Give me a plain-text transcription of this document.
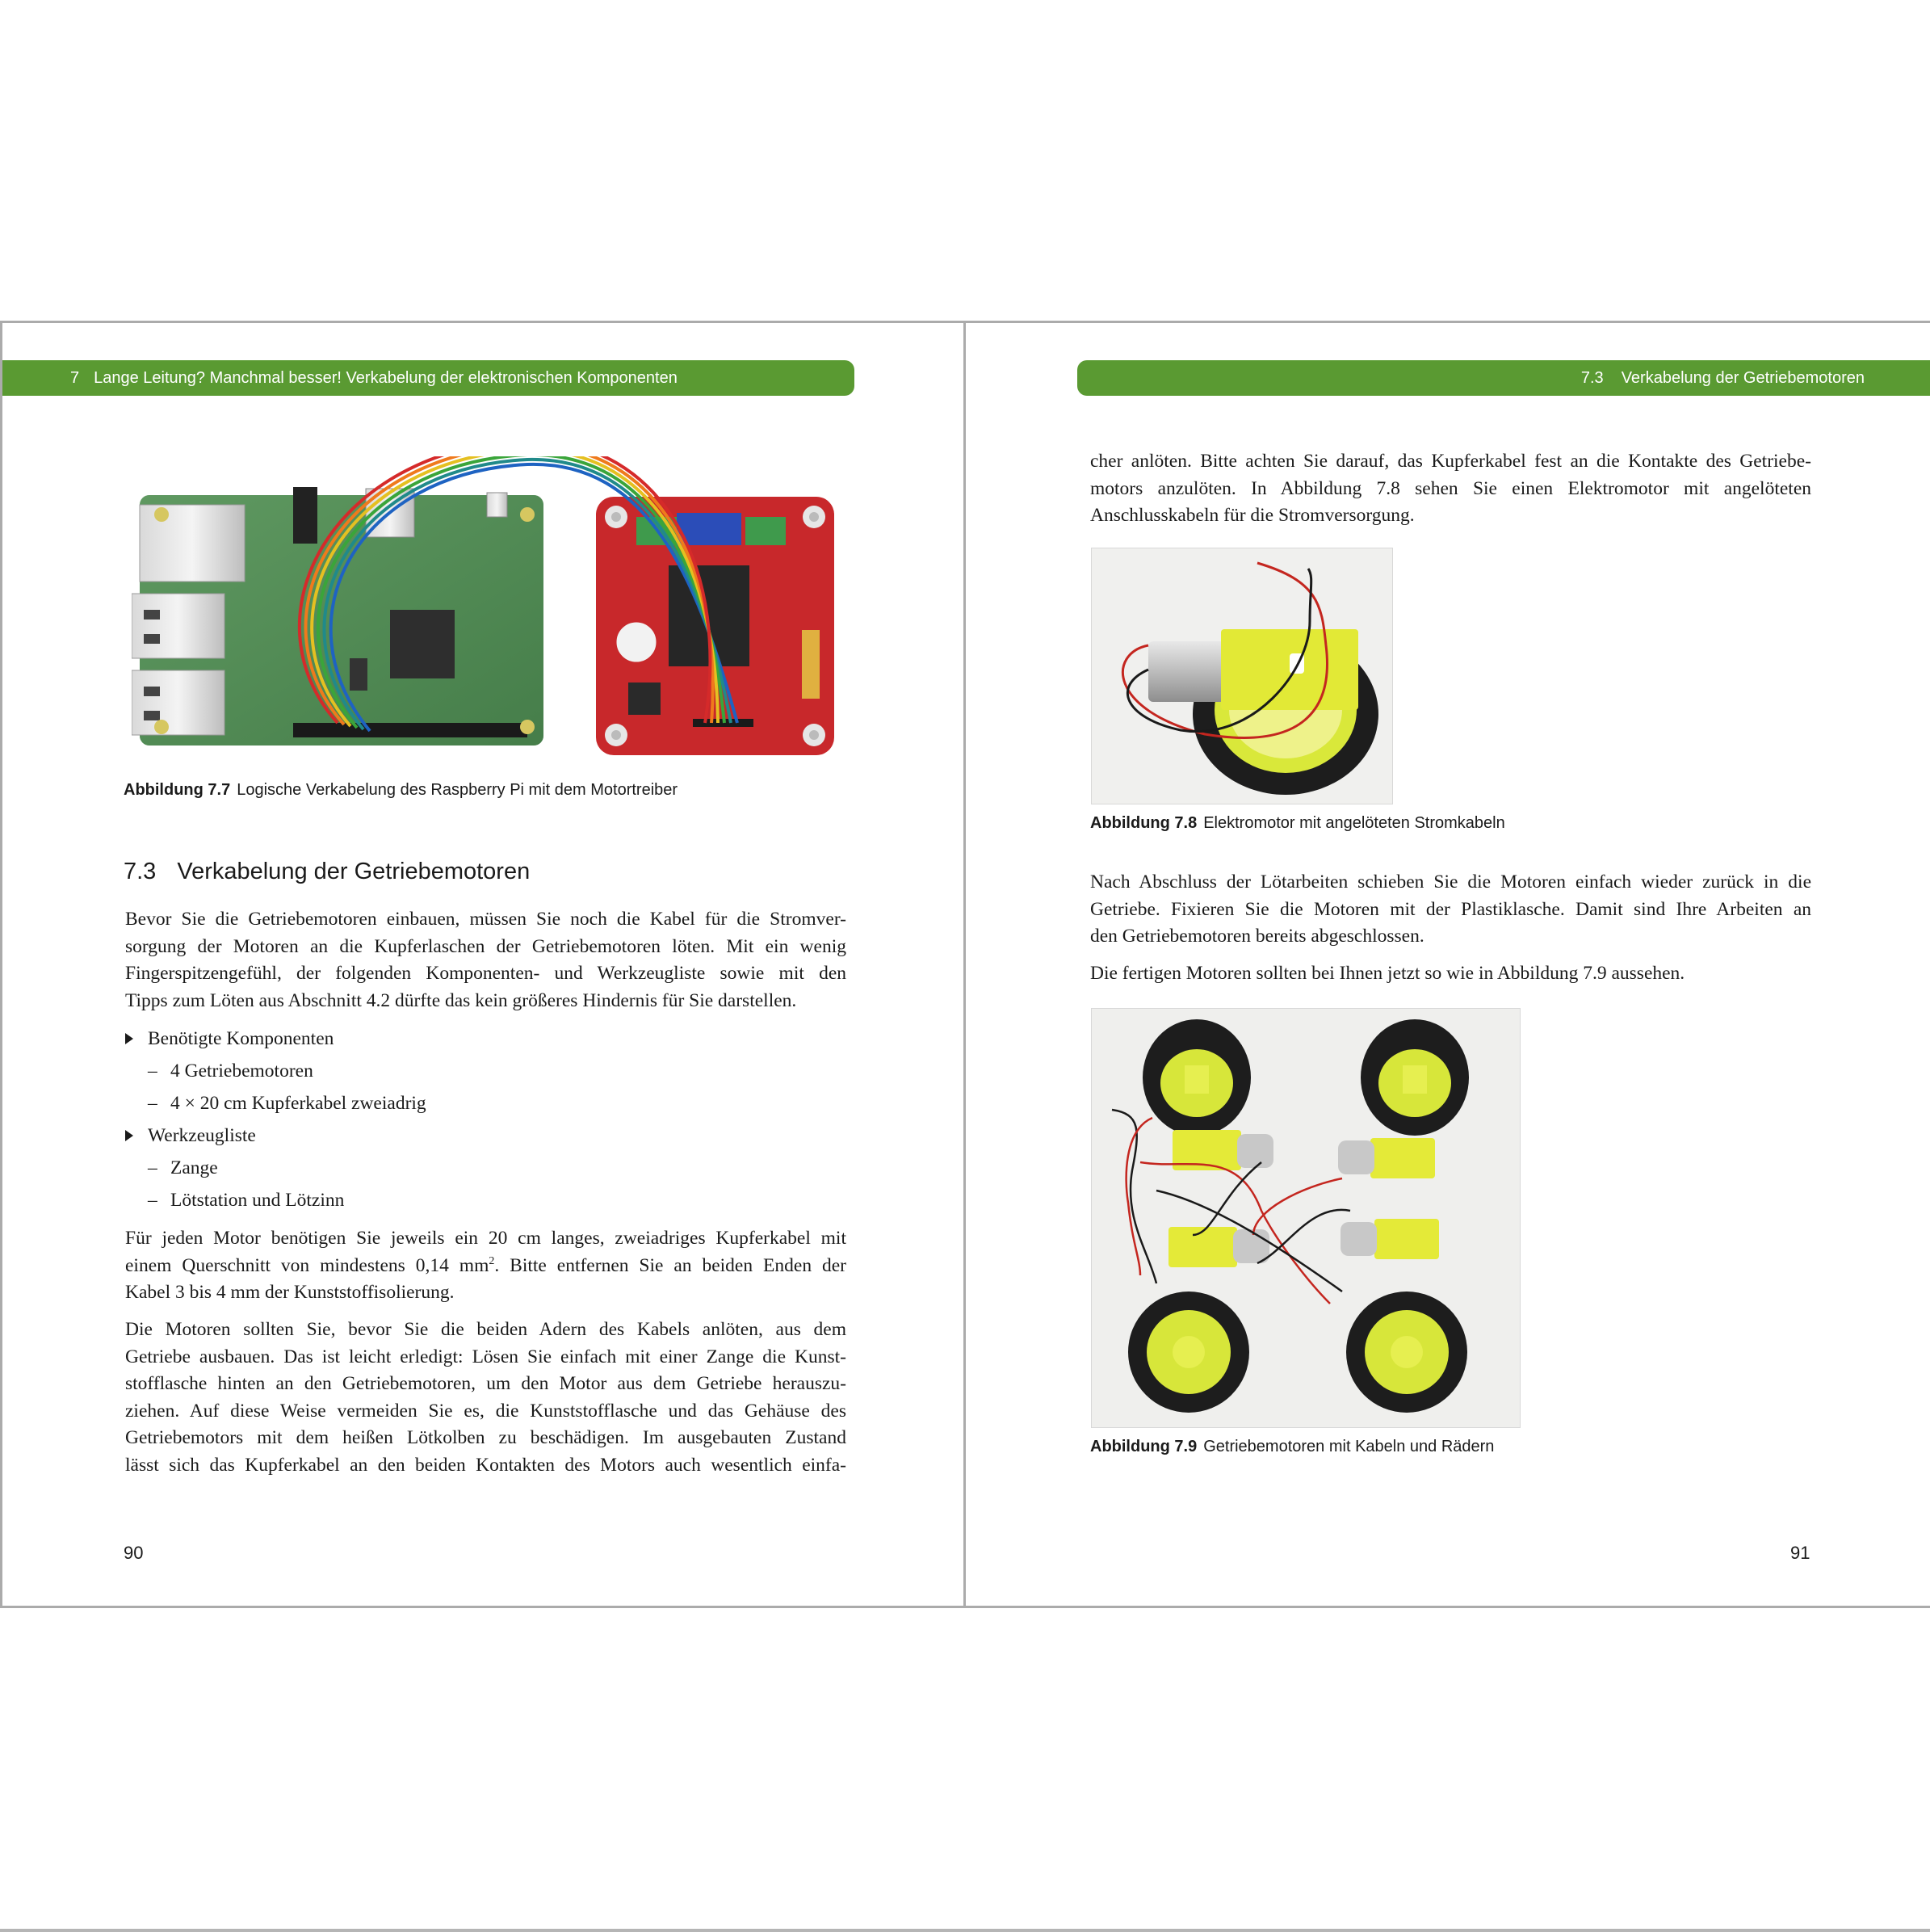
7 Lange Leitung? Manchmal besser! Verkabelung der elektronischen Komponenten
Abbildung 7.7 Logische Verkabelung des Raspberry Pi mit dem Motortreiber
7.3 Verkabelung der Getriebemotoren
Bevor Sie die Getriebemotoren einbauen, müssen Sie noch die Kabel für die Stromver-
sorgung der Motoren an die Kupferlaschen der Getriebemotoren löten. Mit ein wenig
Fingerspitzengefühl, der folgenden Komponenten- und Werkzeugliste sowie mit den
Tipps zum Löten aus Abschnitt 4.2 dürfte das kein größeres Hindernis für Sie darstellen.
Benötigte Komponenten
– 4 Getriebemotoren
– 4 × 20 cm Kupferkabel zweiadrig
Werkzeugliste
– Zange
– Lötstation und Lötzinn
Für jeden Motor benötigen Sie jeweils ein 20 cm langes, zweiadriges Kupferkabel mit
einem Querschnitt von mindestens 0,14 $mm^2$. Bitte entfernen Sie an beiden Enden der
Kabel 3 bis 4 mm der Kunststoffisolierung.
Die Motoren sollten Sie, bevor Sie die beiden Adern des Kabels anlöten, aus dem
Getriebe ausbauen. Das ist leicht erledigt: Lösen Sie einfach mit einer Zange die Kunst-
stofflasche hinten an den Getriebemotoren, um den Motor aus dem Getriebe herauszu-
ziehen. Auf diese Weise vermeiden Sie es, die Kunststofflasche und das Gehäuse des
Getriebemotors mit dem heißen Lötkolben zu beschädigen. Im ausgebauten Zustand
lässt sich das Kupferkabel an den beiden Kontakten des Motors auch wesentlich einfa-
90
7.3 Verkabelung der Getriebemotoren
cher anlöten. Bitte achten Sie darauf, das Kupferkabel fest an die Kontakte des Getriebe-
motors anzulöten. In Abbildung 7.8 sehen Sie einen Elektromotor mit angelöteten
Anschlusskabeln für die Stromversorgung.
Abbildung 7.8 Elektromotor mit angelöteten Stromkabeln
Nach Abschluss der Lötarbeiten schieben Sie die Motoren einfach wieder zurück in die
Getriebe. Fixieren Sie die Motoren mit der Plastiklasche. Damit sind Ihre Arbeiten an
den Getriebemotoren bereits abgeschlossen.
Die fertigen Motoren sollten bei Ihnen jetzt so wie in Abbildung 7.9 aussehen.
Abbildung 7.9 Getriebemotoren mit Kabeln und Rädern
91
